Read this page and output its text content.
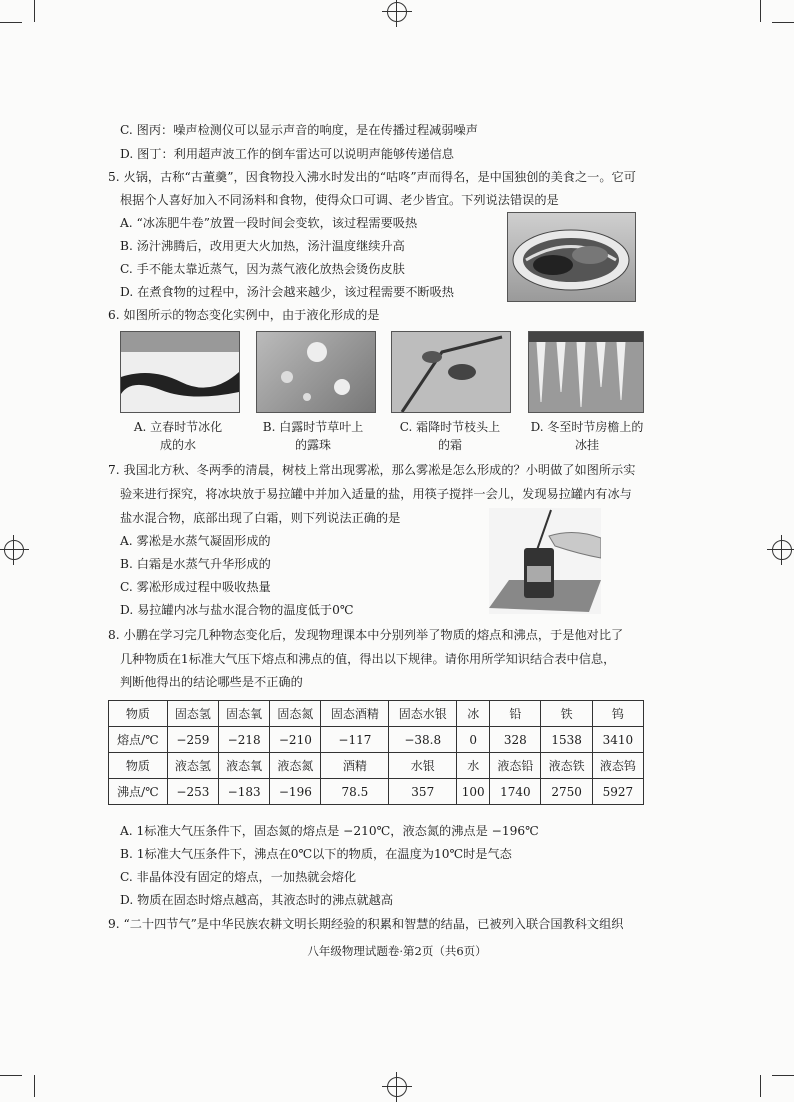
C. 图丙：噪声检测仪可以显示声音的响度，是在传播过程减弱噪声
D. 图丁：利用超声波工作的倒车雷达可以说明声能够传递信息
5. 火锅，古称“古董羹”，因食物投入沸水时发出的“咕咚”声而得名，是中国独创的美食之一。它可
根据个人喜好加入不同汤料和食物，使得众口可调、老少皆宜。下列说法错误的是
A. “冰冻肥牛卷”放置一段时间会变软，该过程需要吸热
B. 汤汁沸腾后，改用更大火加热，汤汁温度继续升高
C. 手不能太靠近蒸气，因为蒸气液化放热会烫伤皮肤
D. 在煮食物的过程中，汤汁会越来越少，该过程需要不断吸热
6. 如图所示的物态变化实例中，由于液化形成的是
A. 立春时节冰化成的水
B. 白露时节草叶上的露珠
C. 霜降时节枝头上的霜
D. 冬至时节房檐上的冰挂
7. 我国北方秋、冬两季的清晨，树枝上常出现雾凇，那么雾凇是怎么形成的？小明做了如图所示实
验来进行探究，将冰块放于易拉罐中并加入适量的盐，用筷子搅拌一会儿，发现易拉罐内有冰与
盐水混合物，底部出现了白霜，则下列说法正确的是
A. 雾凇是水蒸气凝固形成的
B. 白霜是水蒸气升华形成的
C. 雾凇形成过程中吸收热量
D. 易拉罐内冰与盐水混合物的温度低于0℃
8. 小鹏在学习完几种物态变化后，发现物理课本中分别列举了物质的熔点和沸点，于是他对比了
几种物质在1标准大气压下熔点和沸点的值，得出以下规律。请你用所学知识结合表中信息，
判断他得出的结论哪些是不正确的
物质	固态氢	固态氧	固态氮	固态酒精	固态水银	冰	铅	铁	钨
熔点/℃	−259	−218	−210	−117	−38.8	0	328	1538	3410
物质	液态氢	液态氧	液态氮	酒精	水银	水	液态铅	液态铁	液态钨
沸点/℃	−253	−183	−196	78.5	357	100	1740	2750	5927
A. 1标准大气压条件下，固态氮的熔点是 −210℃，液态氮的沸点是 −196℃
B. 1标准大气压条件下，沸点在0℃以下的物质，在温度为10℃时是气态
C. 非晶体没有固定的熔点，一加热就会熔化
D. 物质在固态时熔点越高，其液态时的沸点就越高
9. “二十四节气”是中华民族农耕文明长期经验的积累和智慧的结晶，已被列入联合国教科文组织
八年级物理试题卷·第2页（共6页）
